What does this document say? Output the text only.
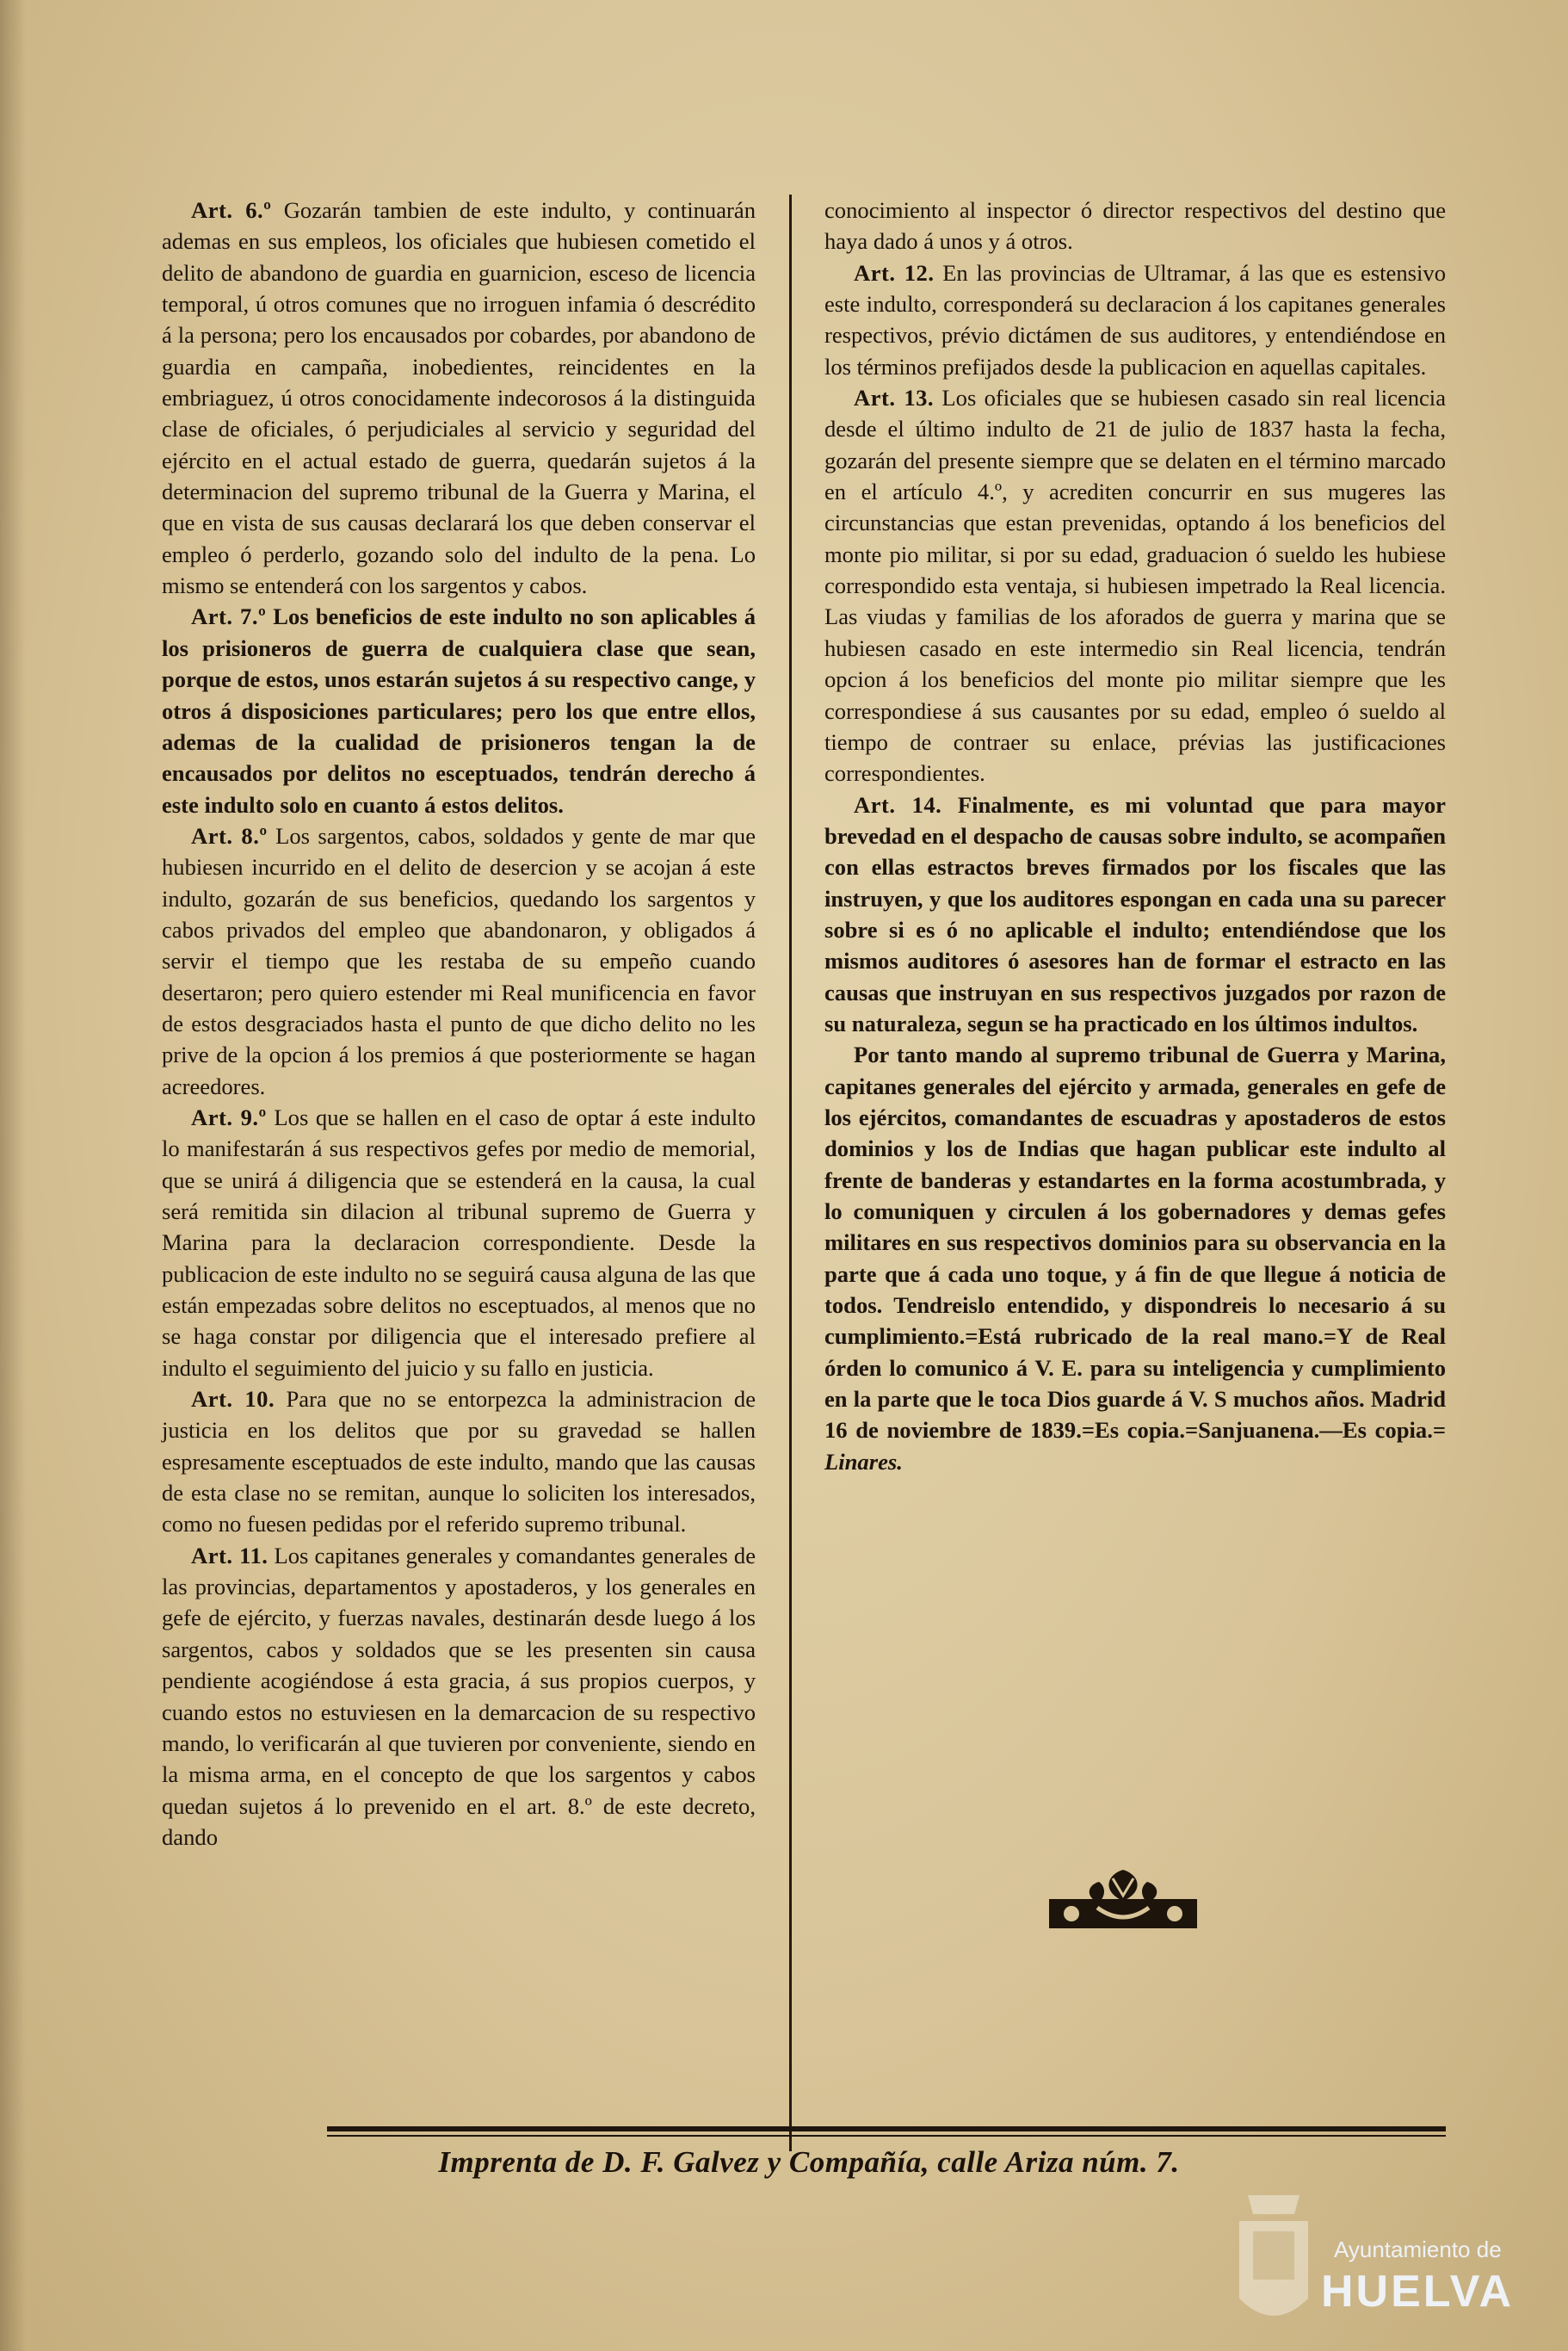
Art. 6.º Gozarán tambien de este indulto, y continuarán ademas en sus empleos, los oficiales que hubiesen cometido el delito de abandono de guardia en guarnicion, esceso de licencia temporal, ú otros comunes que no irroguen infamia ó descrédito á la persona; pero los encausados por cobardes, por abandono de guardia en campaña, inobedientes, reincidentes en la embriaguez, ú otros conocidamente indecorosos á la distinguida clase de oficiales, ó perjudiciales al servicio y seguridad del ejército en el actual estado de guerra, quedarán sujetos á la determinacion del supremo tribunal de la Guerra y Marina, el que en vista de sus causas declarará los que deben conservar el empleo ó perderlo, gozando solo del indulto de la pena. Lo mismo se entenderá con los sargentos y cabos.

Art. 7.º Los beneficios de este indulto no son aplicables á los prisioneros de guerra de cualquiera clase que sean, porque de estos, unos estarán sujetos á su respectivo cange, y otros á disposiciones particulares; pero los que entre ellos, ademas de la cualidad de prisioneros tengan la de encausados por delitos no esceptuados, tendrán derecho á este indulto solo en cuanto á estos delitos.

Art. 8.º Los sargentos, cabos, soldados y gente de mar que hubiesen incurrido en el delito de desercion y se acojan á este indulto, gozarán de sus beneficios, quedando los sargentos y cabos privados del empleo que abandonaron, y obligados á servir el tiempo que les restaba de su empeño cuando desertaron; pero quiero estender mi Real munificencia en favor de estos desgraciados hasta el punto de que dicho delito no les prive de la opcion á los premios á que posteriormente se hagan acreedores.

Art. 9.º Los que se hallen en el caso de optar á este indulto lo manifestarán á sus respectivos gefes por medio de memorial, que se unirá á diligencia que se estenderá en la causa, la cual será remitida sin dilacion al tribunal supremo de Guerra y Marina para la declaracion correspondiente. Desde la publicacion de este indulto no se seguirá causa alguna de las que están empezadas sobre delitos no esceptuados, al menos que no se haga constar por diligencia que el interesado prefiere al indulto el seguimiento del juicio y su fallo en justicia.

Art. 10. Para que no se entorpezca la administracion de justicia en los delitos que por su gravedad se hallen espresamente esceptuados de este indulto, mando que las causas de esta clase no se remitan, aunque lo soliciten los interesados, como no fuesen pedidas por el referido supremo tribunal.

Art. 11. Los capitanes generales y comandantes generales de las provincias, departamentos y apostaderos, y los generales en gefe de ejército, y fuerzas navales, destinarán desde luego á los sargentos, cabos y soldados que se les presenten sin causa pendiente acogiéndose á esta gracia, á sus propios cuerpos, y cuando estos no estuviesen en la demarcacion de su respectivo mando, lo verificarán al que tuvieren por conveniente, siendo en la misma arma, en el concepto de que los sargentos y cabos quedan sujetos á lo prevenido en el art. 8.º de este decreto, dando

conocimiento al inspector ó director respectivos del destino que haya dado á unos y á otros.

Art. 12. En las provincias de Ultramar, á las que es estensivo este indulto, corresponderá su declaracion á los capitanes generales respectivos, prévio dictámen de sus auditores, y entendiéndose en los términos prefijados desde la publicacion en aquellas capitales.

Art. 13. Los oficiales que se hubiesen casado sin real licencia desde el último indulto de 21 de julio de 1837 hasta la fecha, gozarán del presente siempre que se delaten en el término marcado en el artículo 4.º, y acrediten concurrir en sus mugeres las circunstancias que estan prevenidas, optando á los beneficios del monte pio militar, si por su edad, graduacion ó sueldo les hubiese correspondido esta ventaja, si hubiesen impetrado la Real licencia. Las viudas y familias de los aforados de guerra y marina que se hubiesen casado en este intermedio sin Real licencia, tendrán opcion á los beneficios del monte pio militar siempre que les correspondiese á sus causantes por su edad, empleo ó sueldo al tiempo de contraer su enlace, prévias las justificaciones correspondientes.

Art. 14. Finalmente, es mi voluntad que para mayor brevedad en el despacho de causas sobre indulto, se acompañen con ellas estractos breves firmados por los fiscales que las instruyen, y que los auditores espongan en cada una su parecer sobre si es ó no aplicable el indulto; entendiéndose que los mismos auditores ó asesores han de formar el estracto en las causas que instruyan en sus respectivos juzgados por razon de su naturaleza, segun se ha practicado en los últimos indultos.

Por tanto mando al supremo tribunal de Guerra y Marina, capitanes generales del ejército y armada, generales en gefe de los ejércitos, comandantes de escuadras y apostaderos de estos dominios y los de Indias que hagan publicar este indulto al frente de banderas y estandartes en la forma acostumbrada, y lo comuniquen y circulen á los gobernadores y demas gefes militares en sus respectivos dominios para su observancia en la parte que á cada uno toque, y á fin de que llegue á noticia de todos. Tendreislo entendido, y dispondreis lo necesario á su cumplimiento.=Está rubricado de la real mano.=Y de Real órden lo comunico á V. E. para su inteligencia y cumplimiento en la parte que le toca Dios guarde á V. S muchos años. Madrid 16 de noviembre de 1839.=Es copia.=Sanjuanena.—Es copia.= Linares.

Imprenta de D. F. Galvez y Compañía, calle Ariza núm. 7.
Ayuntamiento de
HUELVA
